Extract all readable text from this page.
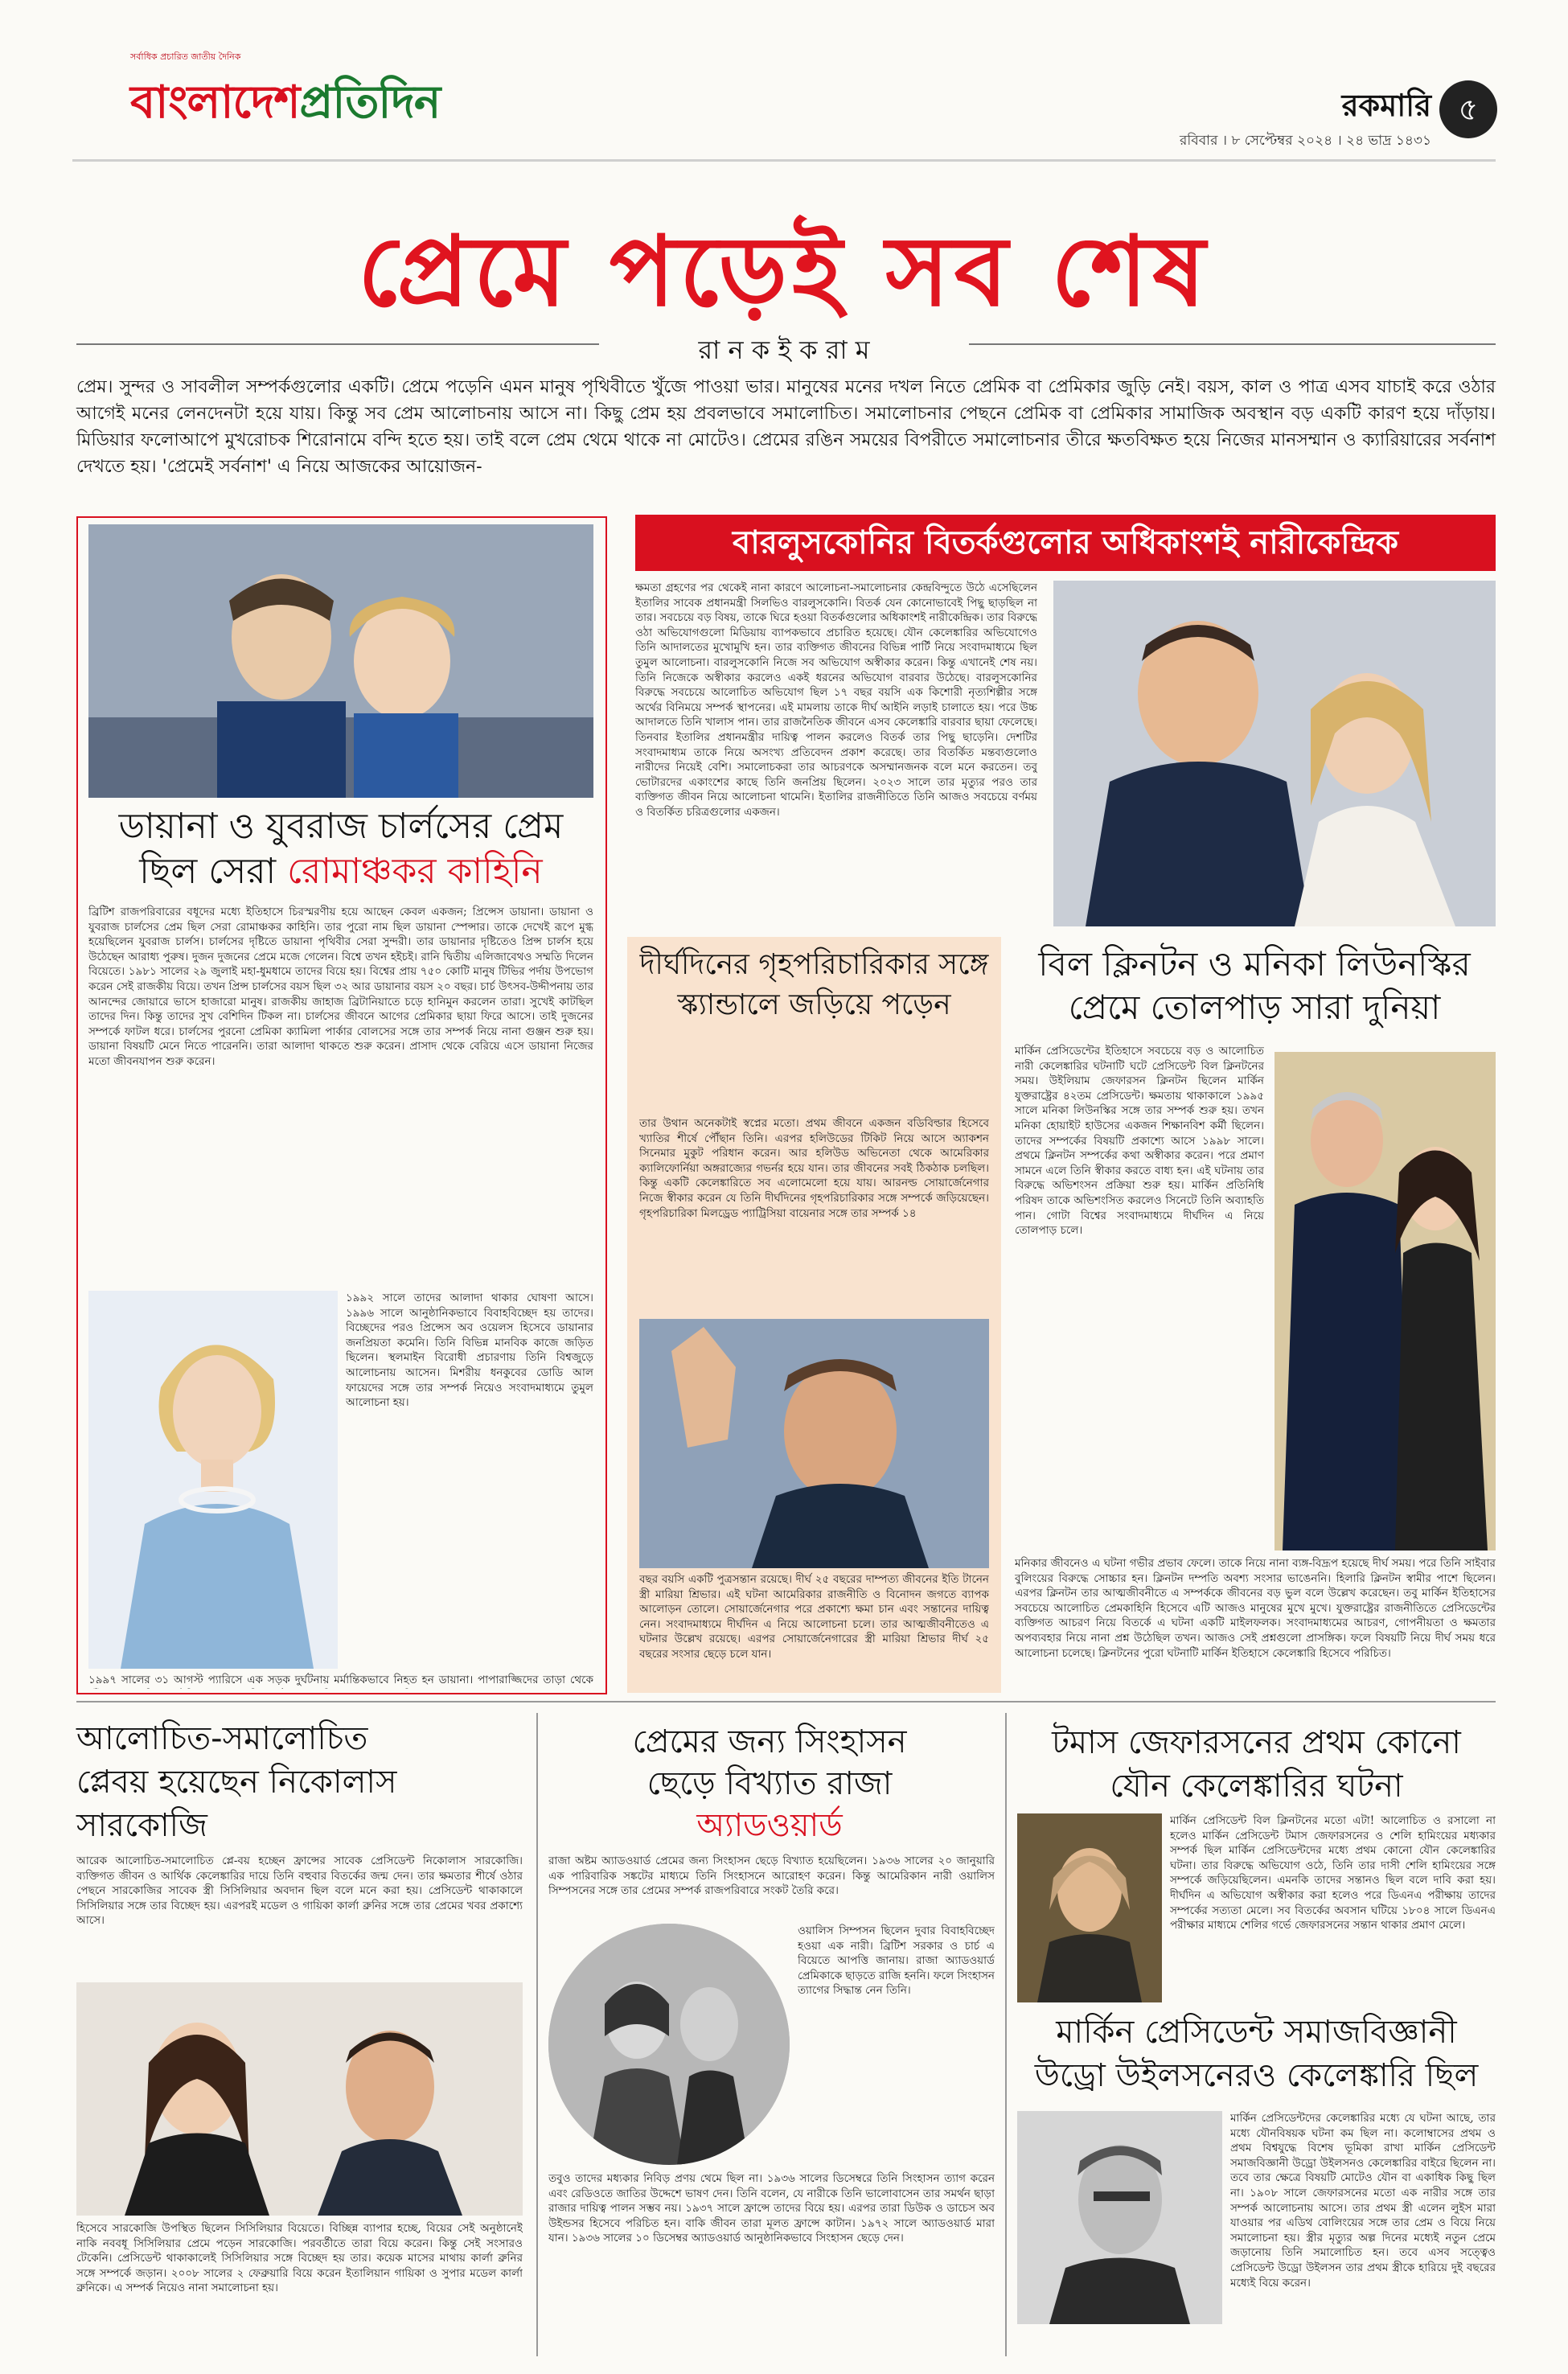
সর্বাধিক প্রচারিত জাতীয় দৈনিক
বাংলাদেশপ্রতিদিন	রকমারি ৫
রবিবার । ৮ সেপ্টেম্বর ২০২৪ । ২৪ ভাদ্র ১৪৩১
প্রেমে পড়েই সব শেষ
রা ন ক ই ক রা ম
প্রেম। সুন্দর ও সাবলীল সম্পর্কগুলোর একটি। প্রেমে পড়েনি এমন মানুষ পৃথিবীতে খুঁজে পাওয়া ভার। মানুষের মনের দখল নিতে প্রেমিক বা প্রেমিকার জুড়ি নেই। বয়স, কাল ও পাত্র এসব যাচাই করে ওঠার আগেই মনের লেনদেনটা হয়ে যায়। কিন্তু সব প্রেম আলোচনায় আসে না। কিছু প্রেম হয় প্রবলভাবে সমালোচিত। সমালোচনার পেছনে প্রেমিক বা প্রেমিকার সামাজিক অবস্থান বড় একটি কারণ হয়ে দাঁড়ায়। মিডিয়ার ফলোআপে মুখরোচক শিরোনামে বন্দি হতে হয়। তাই বলে প্রেম থেমে থাকে না মোটেও। প্রেমের রঙিন সময়ের বিপরীতে সমালোচনার তীরে ক্ষতবিক্ষত হয়ে নিজের মানসম্মান ও ক্যারিয়ারের সর্বনাশ দেখতে হয়। 'প্রেমেই সর্বনাশ' এ নিয়ে আজকের আয়োজন-
ডায়ানা ও যুবরাজ চার্লসের প্রেম
ছিল সেরা রোমাঞ্চকর কাহিনি
ব্রিটিশ রাজপরিবারের বধূদের মধ্যে ইতিহাসে চিরস্মরণীয় হয়ে আছেন কেবল একজন; প্রিন্সেস ডায়ানা। ডায়ানা ও যুবরাজ চার্লসের প্রেম ছিল সেরা রোমাঞ্চকর কাহিনি। তার পুরো নাম ছিল ডায়ানা স্পেন্সার। তাকে দেখেই রূপে মুগ্ধ হয়েছিলেন যুবরাজ চার্লস। চার্লসের দৃষ্টিতে ডায়ানা পৃথিবীর সেরা সুন্দরী। তার ডায়ানার দৃষ্টিতেও প্রিন্স চার্লস হয়ে উঠেছেন আরাধ্য পুরুষ। দুজন দুজনের প্রেমে মজে গেলেন। বিশ্বে তখন হইচই। রানি দ্বিতীয় এলিজাবেথও সম্মতি দিলেন বিয়েতে। ১৯৮১ সালের ২৯ জুলাই মহা-ধুমধামে তাদের বিয়ে হয়। বিশ্বের প্রায় ৭৫০ কোটি মানুষ টিভির পর্দায় উপভোগ করেন সেই রাজকীয় বিয়ে। তখন প্রিন্স চার্লসের বয়স ছিল ৩২ আর ডায়ানার বয়স ২০ বছর। চার্চ উৎসব-উদ্দীপনায় তার আনন্দের জোয়ারে ভাসে হাজারো মানুষ। রাজকীয় জাহাজ ব্রিটানিয়াতে চড়ে হানিমুন করলেন তারা। সুখেই কাটছিল তাদের দিন। কিন্তু তাদের সুখ বেশিদিন টিকল না। চার্লসের জীবনে আগের প্রেমিকার ছায়া ফিরে আসে। তাই দুজনের সম্পর্কে ফাটল ধরে। চার্লসের পুরনো প্রেমিকা ক্যামিলা পার্কার বোলসের সঙ্গে তার সম্পর্ক নিয়ে নানা গুঞ্জন শুরু হয়। ডায়ানা বিষয়টি মেনে নিতে পারেননি। তারা আলাদা থাকতে শুরু করেন। প্রাসাদ থেকে বেরিয়ে এসে ডায়ানা নিজের মতো জীবনযাপন শুরু করেন।
১৯৯২ সালে তাদের আলাদা থাকার ঘোষণা আসে। ১৯৯৬ সালে আনুষ্ঠানিকভাবে বিবাহবিচ্ছেদ হয় তাদের। বিচ্ছেদের পরও প্রিন্সেস অব ওয়েলস হিসেবে ডায়ানার জনপ্রিয়তা কমেনি। তিনি বিভিন্ন মানবিক কাজে জড়িত ছিলেন। স্থলমাইন বিরোধী প্রচারণায় তিনি বিশ্বজুড়ে আলোচনায় আসেন। মিশরীয় ধনকুবের ডোডি আল ফায়েদের সঙ্গে তার সম্পর্ক নিয়েও সংবাদমাধ্যমে তুমুল আলোচনা হয়।
১৯৯৭ সালের ৩১ আগস্ট প্যারিসে এক সড়ক দুর্ঘটনায় মর্মান্তিকভাবে নিহত হন ডায়ানা। পাপারাজ্জিদের তাড়া থেকে
বারলুসকোনির বিতর্কগুলোর অধিকাংশই নারীকেন্দ্রিক
ক্ষমতা গ্রহণের পর থেকেই নানা কারণে আলোচনা-সমালোচনার কেন্দ্রবিন্দুতে উঠে এসেছিলেন ইতালির সাবেক প্রধানমন্ত্রী সিলভিও বারলুসকোনি। বিতর্ক যেন কোনোভাবেই পিছু ছাড়ছিল না তার। সবচেয়ে বড় বিষয়, তাকে ঘিরে হওয়া বিতর্কগুলোর অধিকাংশই নারীকেন্দ্রিক। তার বিরুদ্ধে ওঠা অভিযোগগুলো মিডিয়ায় ব্যাপকভাবে প্রচারিত হয়েছে। যৌন কেলেঙ্কারির অভিযোগেও তিনি আদালতের মুখোমুখি হন। তার ব্যক্তিগত জীবনের বিভিন্ন পার্টি নিয়ে সংবাদমাধ্যমে ছিল তুমুল আলোচনা। বারলুসকোনি নিজে সব অভিযোগ অস্বীকার করেন। কিন্তু এখানেই শেষ নয়। তিনি নিজেকে অস্বীকার করলেও একই ধরনের অভিযোগ বারবার উঠেছে। বারলুসকোনির বিরুদ্ধে সবচেয়ে আলোচিত অভিযোগ ছিল ১৭ বছর বয়সি এক কিশোরী নৃত্যশিল্পীর সঙ্গে অর্থের বিনিময়ে সম্পর্ক স্থাপনের। এই মামলায় তাকে দীর্ঘ আইনি লড়াই চালাতে হয়। পরে উচ্চ আদালতে তিনি খালাস পান। তার রাজনৈতিক জীবনে এসব কেলেঙ্কারি বারবার ছায়া ফেলেছে। তিনবার ইতালির প্রধানমন্ত্রীর দায়িত্ব পালন করলেও বিতর্ক তার পিছু ছাড়েনি। দেশটির সংবাদমাধ্যম তাকে নিয়ে অসংখ্য প্রতিবেদন প্রকাশ করেছে। তার বিতর্কিত মন্তব্যগুলোও নারীদের নিয়েই বেশি। সমালোচকরা তার আচরণকে অসম্মানজনক বলে মনে করতেন। তবু ভোটারদের একাংশের কাছে তিনি জনপ্রিয় ছিলেন। ২০২৩ সালে তার মৃত্যুর পরও তার ব্যক্তিগত জীবন নিয়ে আলোচনা থামেনি। ইতালির রাজনীতিতে তিনি আজও সবচেয়ে বর্ণময় ও বিতর্কিত চরিত্রগুলোর একজন।
দীর্ঘদিনের গৃহপরিচারিকার সঙ্গে স্ক্যান্ডালে জড়িয়ে পড়েন
তার উথান অনেকটাই স্বপ্নের মতো। প্রথম জীবনে একজন বডিবিল্ডার হিসেবে খ্যাতির শীর্ষে পৌঁছান তিনি। এরপর হলিউডের টিকিট নিয়ে আসে অ্যাকশন সিনেমার মুকুট পরিধান করেন। আর হলিউড অভিনেতা থেকে আমেরিকার ক্যালিফোর্নিয়া অঙ্গরাজ্যের গভর্নর হয়ে যান। তার জীবনের সবই ঠিকঠাক চলছিল। কিন্তু একটি কেলেঙ্কারিতে সব এলোমেলো হয়ে যায়। আরনল্ড সোয়ার্জেনেগার নিজে স্বীকার করেন যে তিনি দীর্ঘদিনের গৃহপরিচারিকার সঙ্গে সম্পর্কে জড়িয়েছেন। গৃহপরিচারিকা মিলড্রেড প্যাট্রিসিয়া বায়েনার সঙ্গে তার সম্পর্ক ১৪
বছর বয়সি একটি পুত্রসন্তান রয়েছে। দীর্ঘ ২৫ বছরের দাম্পত্য জীবনের ইতি টানেন স্ত্রী মারিয়া শ্রিভার। এই ঘটনা আমেরিকার রাজনীতি ও বিনোদন জগতে ব্যাপক আলোড়ন তোলে। সোয়ার্জেনেগার পরে প্রকাশ্যে ক্ষমা চান এবং সন্তানের দায়িত্ব নেন। সংবাদমাধ্যমে দীর্ঘদিন এ নিয়ে আলোচনা চলে। তার আত্মজীবনীতেও এ ঘটনার উল্লেখ রয়েছে। এরপর সোয়ার্জেনেগারের স্ত্রী মারিয়া শ্রিভার দীর্ঘ ২৫ বছরের সংসার ছেড়ে চলে যান।
বিল ক্লিনটন ও মনিকা লিউনস্কির
প্রেমে তোলপাড় সারা দুনিয়া
মার্কিন প্রেসিডেন্টের ইতিহাসে সবচেয়ে বড় ও আলোচিত নারী কেলেঙ্কারির ঘটনাটি ঘটে প্রেসিডেন্ট বিল ক্লিনটনের সময়। উইলিয়াম জেফারসন ক্লিনটন ছিলেন মার্কিন যুক্তরাষ্ট্রের ৪২তম প্রেসিডেন্ট। ক্ষমতায় থাকাকালে ১৯৯৫ সালে মনিকা লিউনস্কির সঙ্গে তার সম্পর্ক শুরু হয়। তখন মনিকা হোয়াইট হাউসের একজন শিক্ষানবিশ কর্মী ছিলেন। তাদের সম্পর্কের বিষয়টি প্রকাশ্যে আসে ১৯৯৮ সালে। প্রথমে ক্লিনটন সম্পর্কের কথা অস্বীকার করেন। পরে প্রমাণ সামনে এলে তিনি স্বীকার করতে বাধ্য হন। এই ঘটনায় তার বিরুদ্ধে অভিশংসন প্রক্রিয়া শুরু হয়। মার্কিন প্রতিনিধি পরিষদ তাকে অভিশংসিত করলেও সিনেটে তিনি অব্যাহতি পান। গোটা বিশ্বের সংবাদমাধ্যমে দীর্ঘদিন এ নিয়ে তোলপাড় চলে।
মনিকার জীবনেও এ ঘটনা গভীর প্রভাব ফেলে। তাকে নিয়ে নানা ব্যঙ্গ-বিদ্রূপ হয়েছে দীর্ঘ সময়। পরে তিনি সাইবার বুলিংয়ের বিরুদ্ধে সোচ্চার হন। ক্লিনটন দম্পতি অবশ্য সংসার ভাঙেননি। হিলারি ক্লিনটন স্বামীর পাশে ছিলেন। এরপর ক্লিনটন তার আত্মজীবনীতে এ সম্পর্ককে জীবনের বড় ভুল বলে উল্লেখ করেছেন। তবু মার্কিন ইতিহাসের সবচেয়ে আলোচিত প্রেমকাহিনি হিসেবে এটি আজও মানুষের মুখে মুখে। যুক্তরাষ্ট্রের রাজনীতিতে প্রেসিডেন্টের ব্যক্তিগত আচরণ নিয়ে বিতর্কে এ ঘটনা একটি মাইলফলক। সংবাদমাধ্যমের আচরণ, গোপনীয়তা ও ক্ষমতার অপব্যবহার নিয়ে নানা প্রশ্ন উঠেছিল তখন। আজও সেই প্রশ্নগুলো প্রাসঙ্গিক। ফলে বিষয়টি নিয়ে দীর্ঘ সময় ধরে আলোচনা চলেছে। ক্লিনটনের পুরো ঘটনাটি মার্কিন ইতিহাসে কেলেঙ্কারি হিসেবে পরিচিত।
আলোচিত-সমালোচিত
প্লেবয় হয়েছেন নিকোলাস
সারকোজি
আরেক আলোচিত-সমালোচিত প্লে-বয় হচ্ছেন ফ্রান্সের সাবেক প্রেসিডেন্ট নিকোলাস সারকোজি। ব্যক্তিগত জীবন ও আর্থিক কেলেঙ্কারির দায়ে তিনি বহুবার বিতর্কের জন্ম দেন। তার ক্ষমতার শীর্ষে ওঠার পেছনে সারকোজির সাবেক স্ত্রী সিসিলিয়ার অবদান ছিল বলে মনে করা হয়। প্রেসিডেন্ট থাকাকালে সিসিলিয়ার সঙ্গে তার বিচ্ছেদ হয়। এরপরই মডেল ও গায়িকা কার্লা ব্রুনির সঙ্গে তার প্রেমের খবর প্রকাশ্যে আসে।
হিসেবে সারকোজি উপস্থিত ছিলেন সিসিলিয়ার বিয়েতে। বিচ্ছিন্ন ব্যাপার হচ্ছে, বিয়ের সেই অনুষ্ঠানেই নাকি নববধূ সিসিলিয়ার প্রেমে পড়েন সারকোজি। পরবর্তীতে তারা বিয়ে করেন। কিন্তু সেই সংসারও টেকেনি। প্রেসিডেন্ট থাকাকালেই সিসিলিয়ার সঙ্গে বিচ্ছেদ হয় তার। কয়েক মাসের মাথায় কার্লা ব্রুনির সঙ্গে সম্পর্কে জড়ান। ২০০৮ সালের ২ ফেব্রুয়ারি বিয়ে করেন ইতালিয়ান গায়িকা ও সুপার মডেল কার্লা ব্রুনিকে। এ সম্পর্ক নিয়েও নানা সমালোচনা হয়।
প্রেমের জন্য সিংহাসন
ছেড়ে বিখ্যাত রাজা
অ্যাডওয়ার্ড
রাজা অষ্টম অ্যাডওয়ার্ড প্রেমের জন্য সিংহাসন ছেড়ে বিখ্যাত হয়েছিলেন। ১৯৩৬ সালের ২০ জানুয়ারি এক পারিবারিক সঙ্কটের মাধ্যমে তিনি সিংহাসনে আরোহণ করেন। কিন্তু আমেরিকান নারী ওয়ালিস সিম্পসনের সঙ্গে তার প্রেমের সম্পর্ক রাজপরিবারে সংকট তৈরি করে।
ওয়ালিস সিম্পসন ছিলেন দুবার বিবাহবিচ্ছেদ হওয়া এক নারী। ব্রিটিশ সরকার ও চার্চ এ বিয়েতে আপত্তি জানায়। রাজা অ্যাডওয়ার্ড প্রেমিকাকে ছাড়তে রাজি হননি। ফলে সিংহাসন ত্যাগের সিদ্ধান্ত নেন তিনি।
তবুও তাদের মধ্যকার নিবিড় প্রণয় থেমে ছিল না। ১৯৩৬ সালের ডিসেম্বরে তিনি সিংহাসন ত্যাগ করেন এবং রেডিওতে জাতির উদ্দেশে ভাষণ দেন। তিনি বলেন, যে নারীকে তিনি ভালোবাসেন তার সমর্থন ছাড়া রাজার দায়িত্ব পালন সম্ভব নয়। ১৯৩৭ সালে ফ্রান্সে তাদের বিয়ে হয়। এরপর তারা ডিউক ও ডাচেস অব উইন্ডসর হিসেবে পরিচিত হন। বাকি জীবন তারা মূলত ফ্রান্সে কাটান। ১৯৭২ সালে অ্যাডওয়ার্ড মারা যান। ১৯৩৬ সালের ১০ ডিসেম্বর অ্যাডওয়ার্ড আনুষ্ঠানিকভাবে সিংহাসন ছেড়ে দেন।
টমাস জেফারসনের প্রথম কোনো
যৌন কেলেঙ্কারির ঘটনা
মার্কিন প্রেসিডেন্ট বিল ক্লিনটনের মতো এটা! আলোচিত ও রসালো না হলেও মার্কিন প্রেসিডেন্ট টমাস জেফারসনের ও শেলি হামিংয়ের মধ্যকার সম্পর্ক ছিল মার্কিন প্রেসিডেন্টদের মধ্যে প্রথম কোনো যৌন কেলেঙ্কারির ঘটনা। তার বিরুদ্ধে অভিযোগ ওঠে, তিনি তার দাসী শেলি হামিংয়ের সঙ্গে সম্পর্কে জড়িয়েছিলেন। এমনকি তাদের সন্তানও ছিল বলে দাবি করা হয়। দীর্ঘদিন এ অভিযোগ অস্বীকার করা হলেও পরে ডিএনএ পরীক্ষায় তাদের সম্পর্কের সত্যতা মেলে। সব বিতর্কের অবসান ঘটিয়ে ১৮০৪ সালে ডিএনএ পরীক্ষার মাধ্যমে শেলির গর্ভে জেফারসনের সন্তান থাকার প্রমাণ মেলে।
মার্কিন প্রেসিডেন্ট সমাজবিজ্ঞানী
উড্রো উইলসনেরও কেলেঙ্কারি ছিল
মার্কিন প্রেসিডেন্টদের কেলেঙ্কারির মধ্যে যে ঘটনা আছে, তার মধ্যে যৌনবিষয়ক ঘটনা কম ছিল না। কলোম্বাসের প্রথম ও প্রথম বিশ্বযুদ্ধে বিশেষ ভূমিকা রাখা মার্কিন প্রেসিডেন্ট সমাজবিজ্ঞানী উড্রো উইলসনও কেলেঙ্কারির বাইরে ছিলেন না। তবে তার ক্ষেত্রে বিষয়টি মোটেও যৌন বা একাধিক কিছু ছিল না। ১৯০৮ সালে জেফারসনের মতো এক নারীর সঙ্গে তার সম্পর্ক আলোচনায় আসে। তার প্রথম স্ত্রী এলেন লুইস মারা যাওয়ার পর এডিথ বোলিংয়ের সঙ্গে তার প্রেম ও বিয়ে নিয়ে সমালোচনা হয়। স্ত্রীর মৃত্যুর অল্প দিনের মধ্যেই নতুন প্রেমে জড়ানোয় তিনি সমালোচিত হন। তবে এসব সত্ত্বেও প্রেসিডেন্ট উড্রো উইলসন তার প্রথম স্ত্রীকে হারিয়ে দুই বছরের মধ্যেই বিয়ে করেন।
